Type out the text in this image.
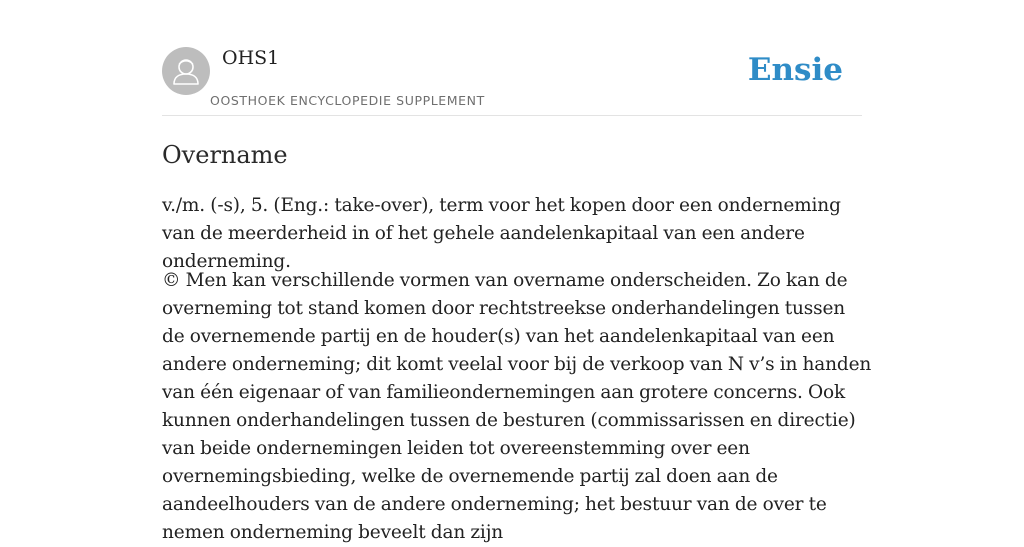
OHS1
OOSTHOEK ENCYCLOPEDIE SUPPLEMENT
Ensie
Overname

v./m. (-s), 5. (Eng.: take-over), term voor het kopen door een onderneming van de meerderheid in of het gehele aandelenkapitaal van een andere onderneming.

© Men kan verschillende vormen van overname onderscheiden. Zo kan de overneming tot stand komen door rechtstreekse onderhandelingen tussen de overnemende partij en de houder(s) van het aandelenkapitaal van een andere onderneming; dit komt veelal voor bij de verkoop van N v’s in handen van één eigenaar of van familieondernemingen aan grotere concerns. Ook kunnen onderhandelingen tussen de besturen (commissarissen en directie) van beide ondernemingen leiden tot overeenstemming over een overnemingsbieding, welke de overnemende partij zal doen aan de aandeelhouders van de andere onderneming; het bestuur van de over te nemen onderneming beveelt dan zijn
